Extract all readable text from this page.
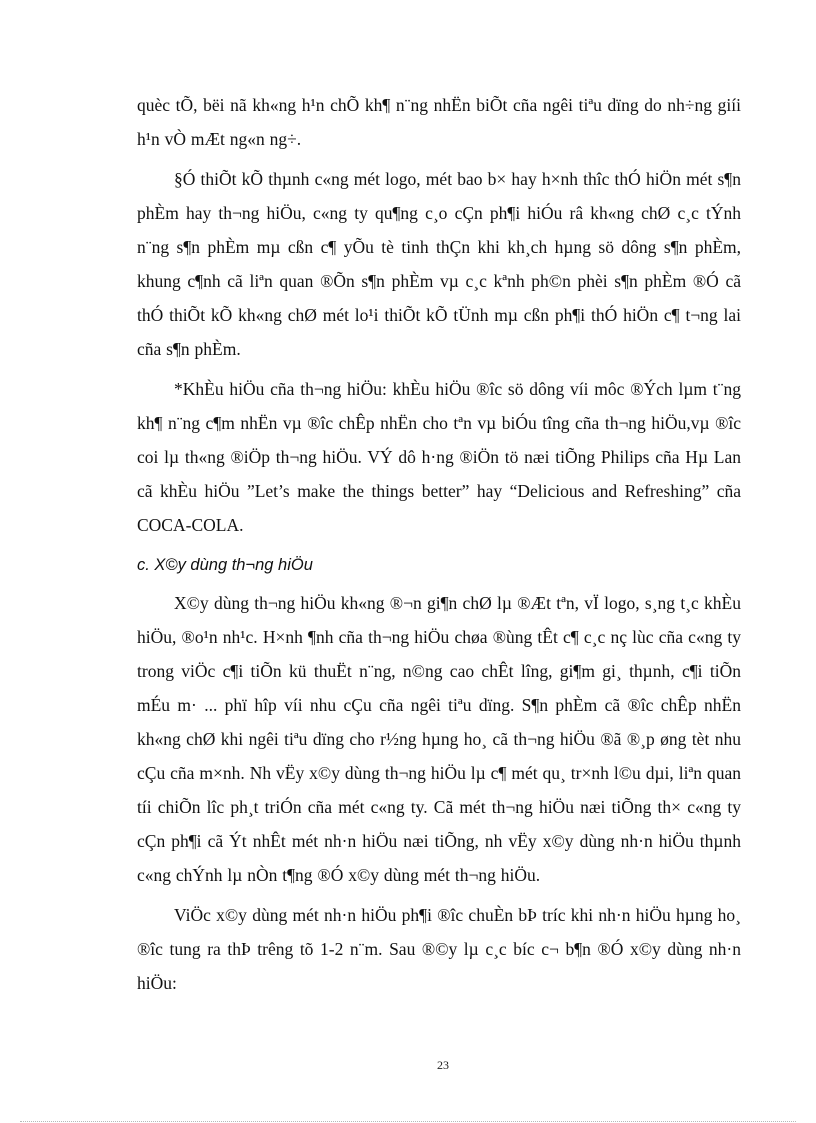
quèc tÕ, bëi nã kh«ng h¹n chÕ kh¶ n¨ng nhËn biÕt cña ngêi tiªu dïng do nh÷ng giíi h¹n vÒ mÆt ng«n ng÷.

§Ó thiÕt kÕ thµnh c«ng mét logo, mét bao b× hay h×nh thîc thÓ hiÖn mét s¶n phÈm hay th¬ng hiÖu, c«ng ty qu¶ng c¸o cÇn ph¶i hiÓu râ kh«ng chØ c¸c tÝnh n¨ng s¶n phÈm mµ cßn c¶ yÕu tè tinh thÇn khi kh¸ch hµng sö dông s¶n phÈm, khung c¶nh cã liªn quan ®Õn s¶n phÈm vµ c¸c kªnh ph©n phèi s¶n phÈm ®Ó cã thÓ thiÕt kÕ kh«ng chØ mét lo¹i thiÕt kÕ tÜnh mµ cßn ph¶i thÓ hiÖn c¶ t¬ng lai cña s¶n phÈm.

*KhÈu hiÖu cña th¬ng hiÖu: khÈu hiÖu ®îc sö dông víi môc ®Ých lµm t¨ng kh¶ n¨ng c¶m nhËn vµ ®îc chÊp nhËn cho tªn vµ biÓu tîng cña th¬ng hiÖu,vµ ®îc coi lµ th«ng ®iÖp th¬ng hiÖu. VÝ dô h·ng ®iÖn tö næi tiÕng Philips cña Hµ Lan cã khÈu hiÖu ”Let’s make the things better” hay “Delicious and Refreshing” cña COCA-COLA.

c. X©y dùng th¬ng hiÖu

X©y dùng th¬ng hiÖu kh«ng ®¬n gi¶n chØ lµ ®Æt tªn, vÏ logo, s¸ng t¸c khÈu hiÖu, ®o¹n nh¹c. H×nh ¶nh cña th¬ng hiÖu chøa ®ùng tÊt c¶ c¸c nç lùc cña c«ng ty trong viÖc c¶i tiÕn kü thuËt n¨ng, n©ng cao chÊt lîng, gi¶m gi¸ thµnh, c¶i tiÕn mÉu m· ... phï hîp víi nhu cÇu cña ngêi tiªu dïng. S¶n phÈm cã ®îc chÊp nhËn kh«ng chØ khi ngêi tiªu dïng cho r½ng hµng ho¸ cã th¬ng hiÖu ®ã ®¸p øng tèt nhu cÇu cña m×nh. Nh vËy x©y dùng th¬ng hiÖu lµ c¶ mét qu¸ tr×nh l©u dµi, liªn quan tíi chiÕn lîc ph¸t triÓn cña mét c«ng ty. Cã mét th¬ng hiÖu næi tiÕng th× c«ng ty cÇn ph¶i cã Ýt nhÊt mét nh·n hiÖu næi tiÕng, nh vËy x©y dùng nh·n hiÖu thµnh c«ng chÝnh lµ nÒn t¶ng ®Ó x©y dùng mét th¬ng hiÖu.

ViÖc x©y dùng mét nh·n hiÖu ph¶i ®îc chuÈn bÞ tríc khi nh·n hiÖu hµng ho¸ ®îc tung ra thÞ trêng tõ 1-2 n¨m. Sau ®©y lµ c¸c bíc c¬ b¶n ®Ó x©y dùng nh·n hiÖu:

23
